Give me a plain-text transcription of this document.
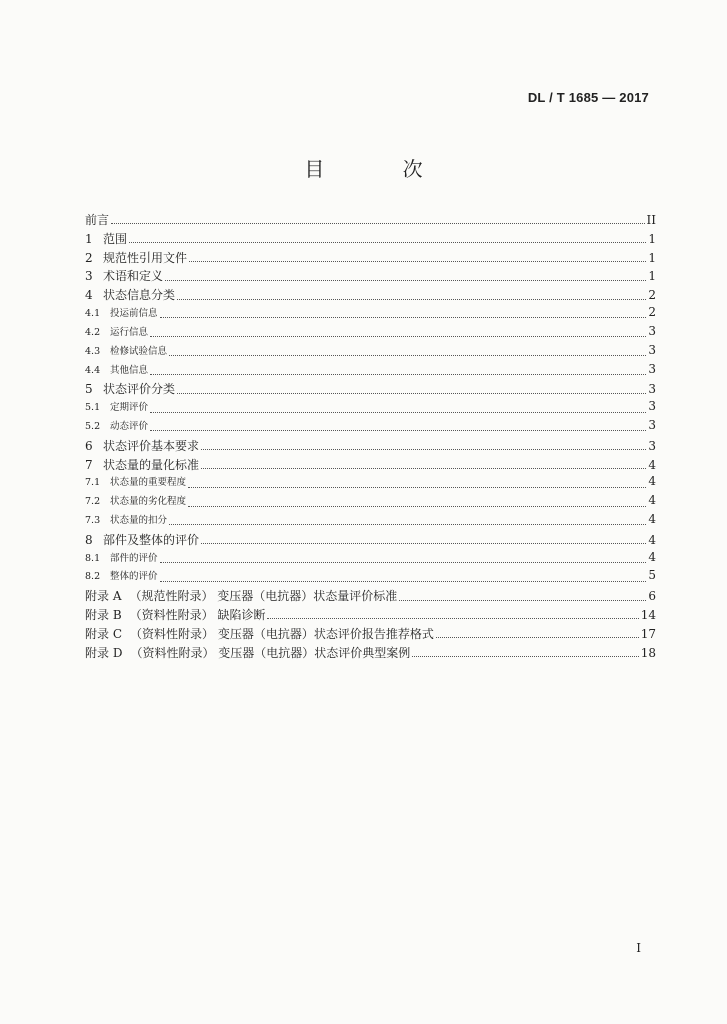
DL / T 1685 — 2017
目 次
前言	II
1 范围	1
2 规范性引用文件	1
3 术语和定义	1
4 状态信息分类	2
4.1	投运前信息	2
4.2	运行信息	3
4.3	检修试验信息	3
4.4	其他信息	3
5 状态评价分类	3
5.1	定期评价	3
5.2	动态评价	3
6 状态评价基本要求	3
7 状态量的量化标准	4
7.1	状态量的重要程度	4
7.2	状态量的劣化程度	4
7.3	状态量的扣分	4
8 部件及整体的评价	4
8.1	部件的评价	4
8.2	整体的评价	5
附录 A （规范性附录） 变压器（电抗器）状态量评价标准	6
附录 B （资料性附录） 缺陷诊断	14
附录 C （资料性附录） 变压器（电抗器）状态评价报告推荐格式	17
附录 D （资料性附录） 变压器（电抗器）状态评价典型案例	18
I
